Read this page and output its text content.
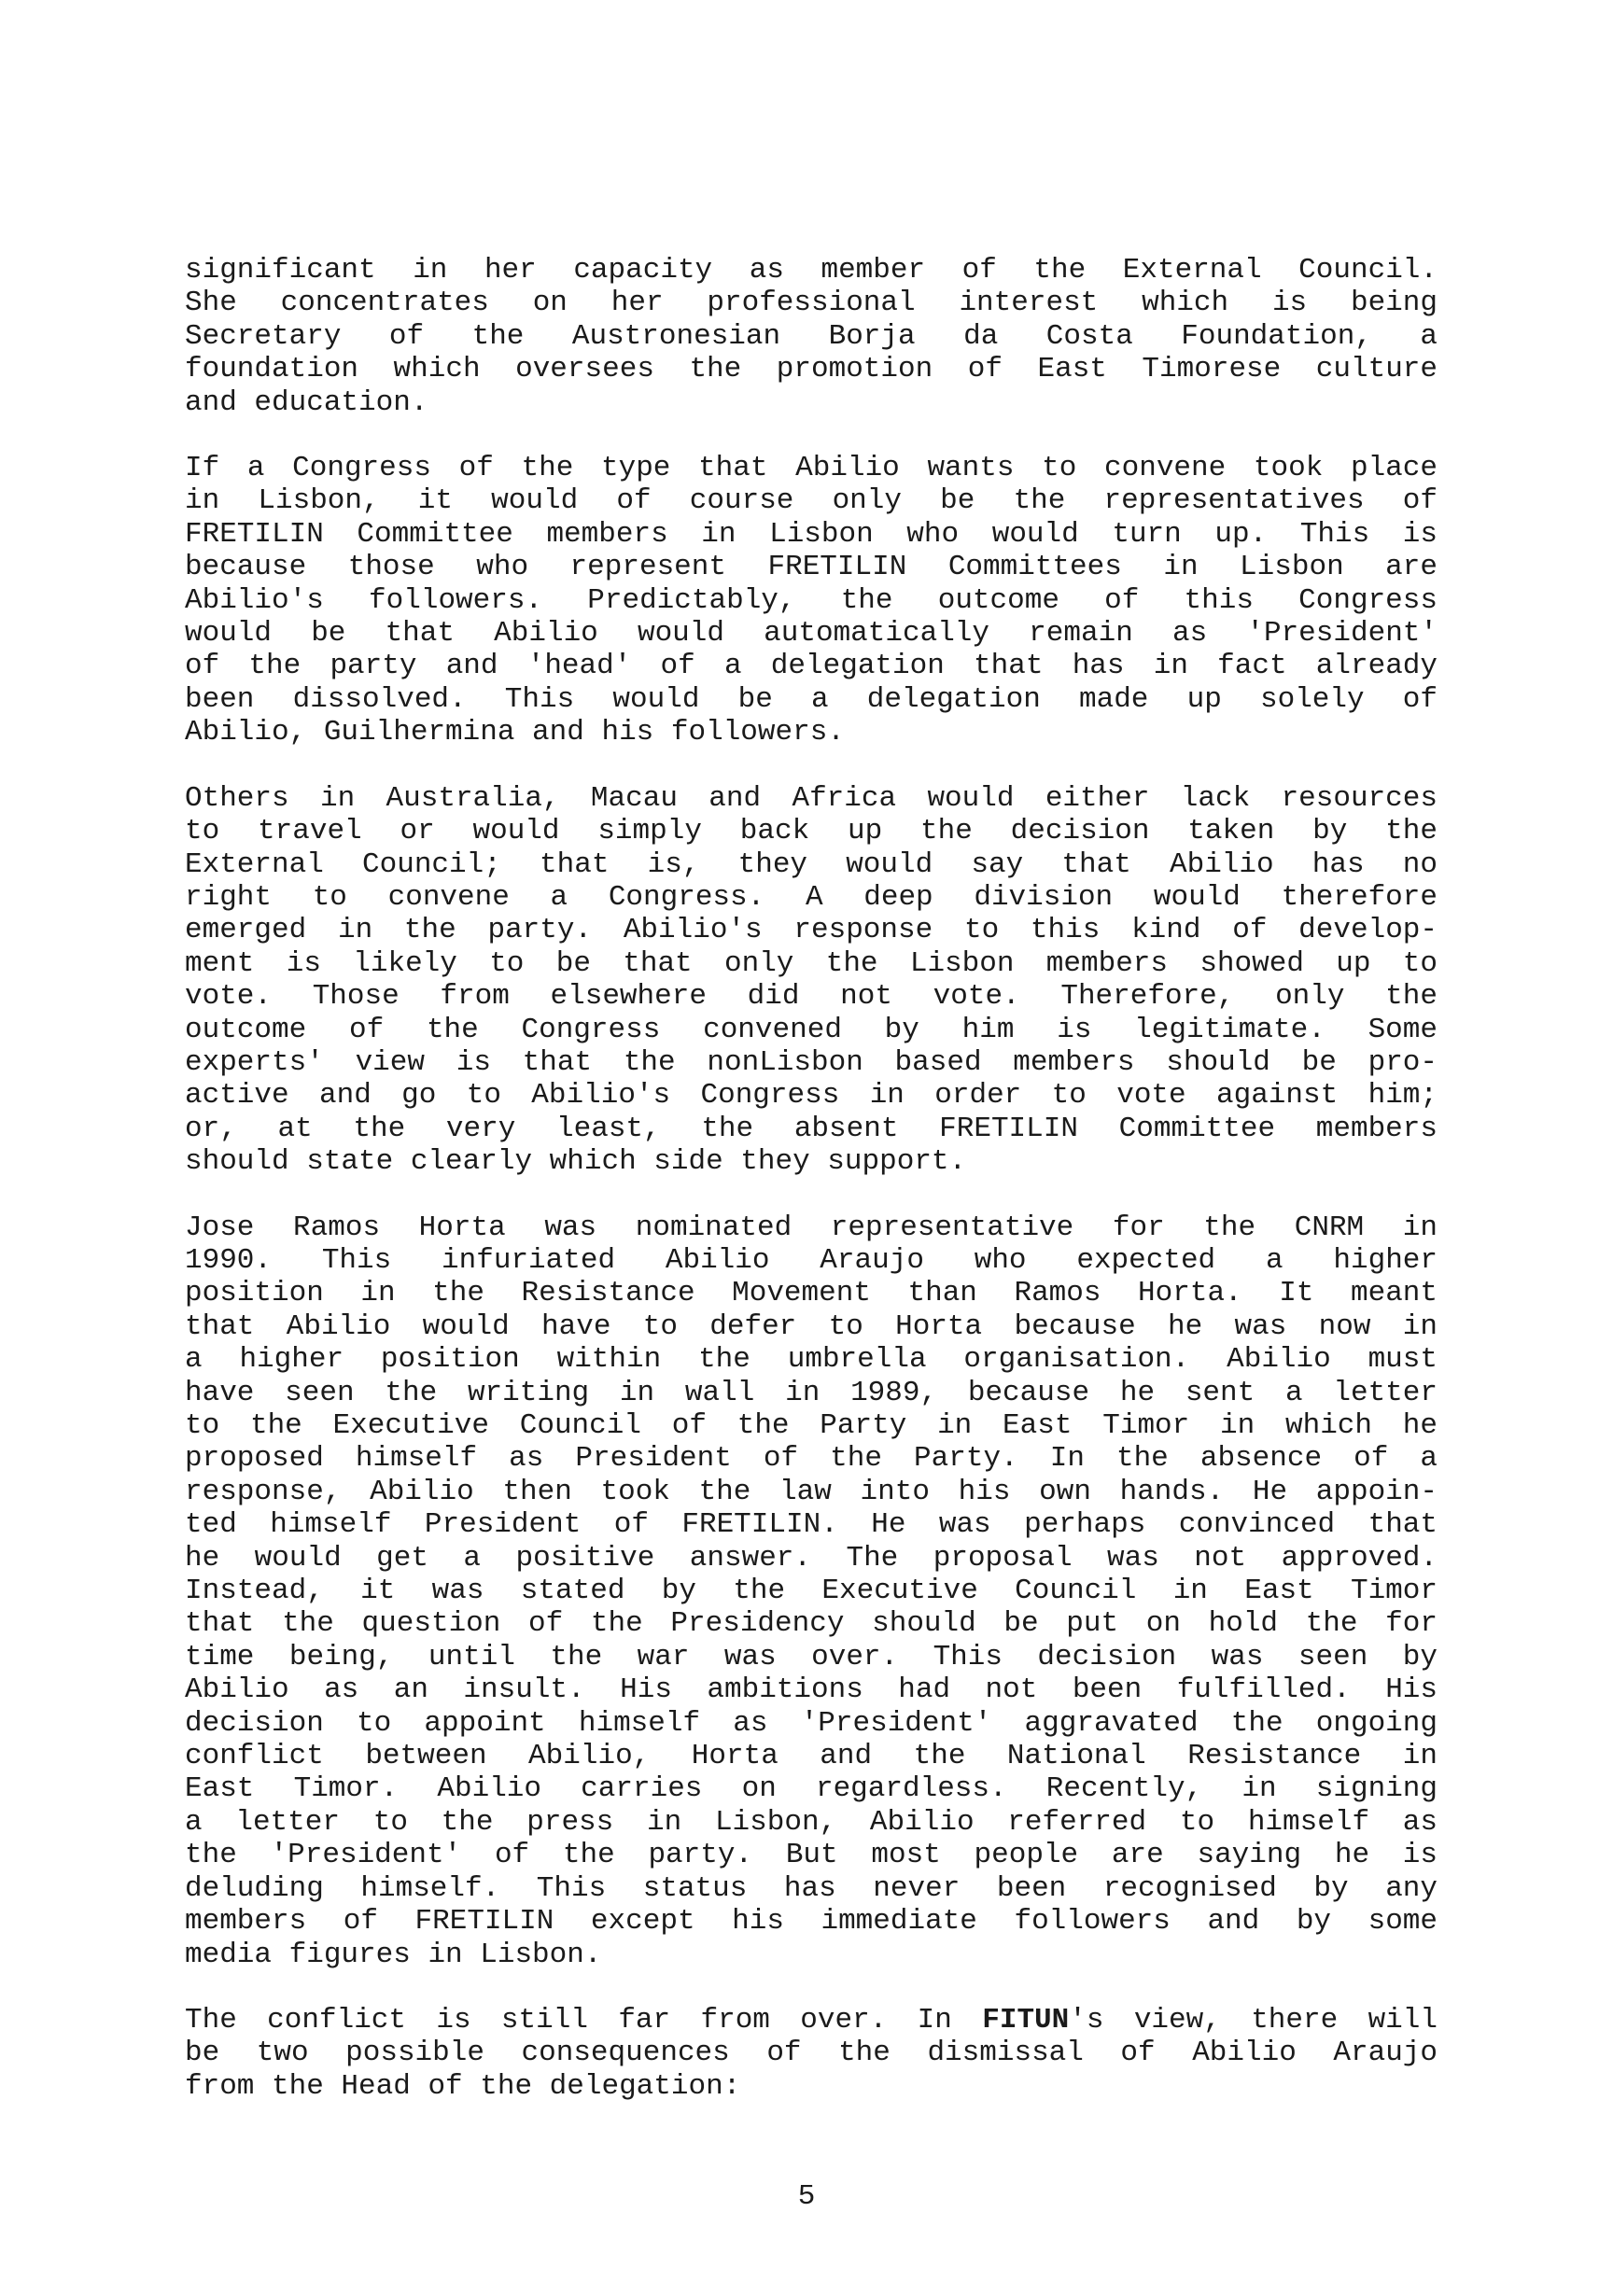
significant in her capacity as member of the External Council.
She concentrates on her professional interest which is being
Secretary of the Austronesian Borja da Costa Foundation, a
foundation which oversees the promotion of East Timorese culture
and education.
If a Congress of the type that Abilio wants to convene took place
in Lisbon, it would of course only be the representatives of
FRETILIN Committee members in Lisbon who would turn up. This is
because those who represent FRETILIN Committees in Lisbon are
Abilio's followers. Predictably, the outcome of this Congress
would be that Abilio would automatically remain as 'President'
of the party and 'head' of a delegation that has in fact already
been dissolved. This would be a delegation made up solely of
Abilio, Guilhermina and his followers.
Others in Australia, Macau and Africa would either lack resources
to travel or would simply back up the decision taken by the
External Council; that is, they would say that Abilio has no
right to convene a Congress. A deep division would therefore
emerged in the party. Abilio's response to this kind of develop-
ment is likely to be that only the Lisbon members showed up to
vote. Those from elsewhere did not vote. Therefore, only the
outcome of the Congress convened by him is legitimate. Some
experts' view is that the nonLisbon based members should be pro-
active and go to Abilio's Congress in order to vote against him;
or, at the very least, the absent FRETILIN Committee members
should state clearly which side they support.
Jose Ramos Horta was nominated representative for the CNRM in
1990. This infuriated Abilio Araujo who expected a higher
position in the Resistance Movement than Ramos Horta. It meant
that Abilio would have to defer to Horta because he was now in
a higher position within the umbrella organisation. Abilio must
have seen the writing in wall in 1989, because he sent a letter
to the Executive Council of the Party in East Timor in which he
proposed himself as President of the Party. In the absence of a
response, Abilio then took the law into his own hands. He appoin-
ted himself President of FRETILIN. He was perhaps convinced that
he would get a positive answer. The proposal was not approved.
Instead, it was stated by the Executive Council in East Timor
that the question of the Presidency should be put on hold the for
time being, until the war was over. This decision was seen by
Abilio as an insult. His ambitions had not been fulfilled. His
decision to appoint himself as 'President' aggravated the ongoing
conflict between Abilio, Horta and the National Resistance in
East Timor. Abilio carries on regardless. Recently, in signing
a letter to the press in Lisbon, Abilio referred to himself as
the 'President' of the party. But most people are saying he is
deluding himself. This status has never been recognised by any
members of FRETILIN except his immediate followers and by some
media figures in Lisbon.
The conflict is still far from over. In FITUN's view, there will
be two possible consequences of the dismissal of Abilio Araujo
from the Head of the delegation:
5
